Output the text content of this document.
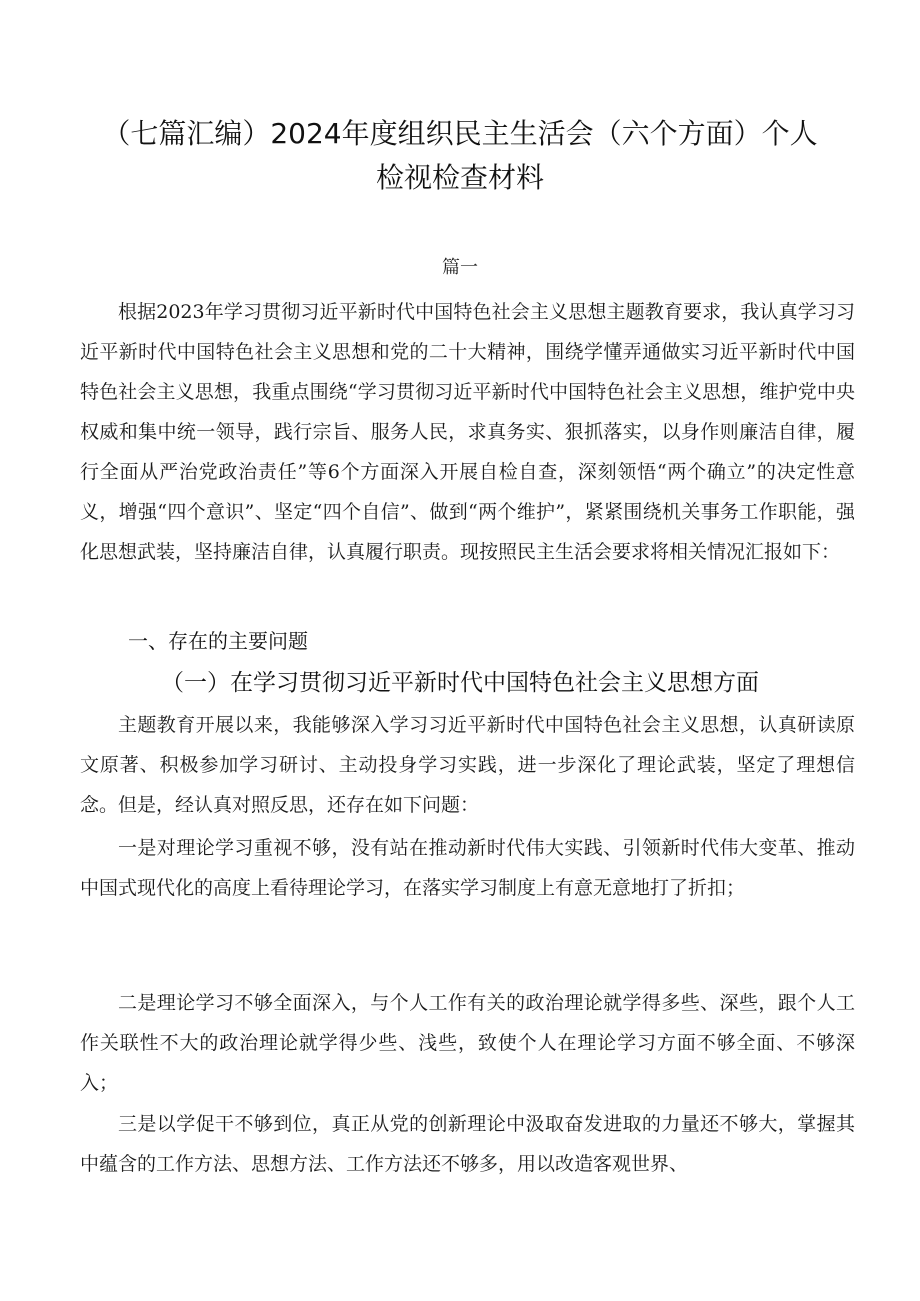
（七篇汇编）2024年度组织民主生活会（六个方面）个人检视检查材料
篇一

根据2023年学习贯彻习近平新时代中国特色社会主义思想主题教育要求，我认真学习习近平新时代中国特色社会主义思想和党的二十大精神，围绕学懂弄通做实习近平新时代中国特色社会主义思想，我重点围绕“学习贯彻习近平新时代中国特色社会主义思想，维护党中央权威和集中统一领导，践行宗旨、服务人民，求真务实、狠抓落实，以身作则廉洁自律，履行全面从严治党政治责任”等6个方面深入开展自检自查，深刻领悟“两个确立”的决定性意义，增强“四个意识”、坚定“四个自信”、做到“两个维护”，紧紧围绕机关事务工作职能，强化思想武装，坚持廉洁自律，认真履行职责。现按照民主生活会要求将相关情况汇报如下：

一、存在的主要问题
（一）在学习贯彻习近平新时代中国特色社会主义思想方面

主题教育开展以来，我能够深入学习习近平新时代中国特色社会主义思想，认真研读原文原著、积极参加学习研讨、主动投身学习实践，进一步深化了理论武装，坚定了理想信念。但是，经认真对照反思，还存在如下问题：

一是对理论学习重视不够，没有站在推动新时代伟大实践、引领新时代伟大变革、推动中国式现代化的高度上看待理论学习，在落实学习制度上有意无意地打了折扣；

二是理论学习不够全面深入，与个人工作有关的政治理论就学得多些、深些，跟个人工作关联性不大的政治理论就学得少些、浅些，致使个人在理论学习方面不够全面、不够深入；

三是以学促干不够到位，真正从党的创新理论中汲取奋发进取的力量还不够大，掌握其中蕴含的工作方法、思想方法、工作方法还不够多，用以改造客观世界、
